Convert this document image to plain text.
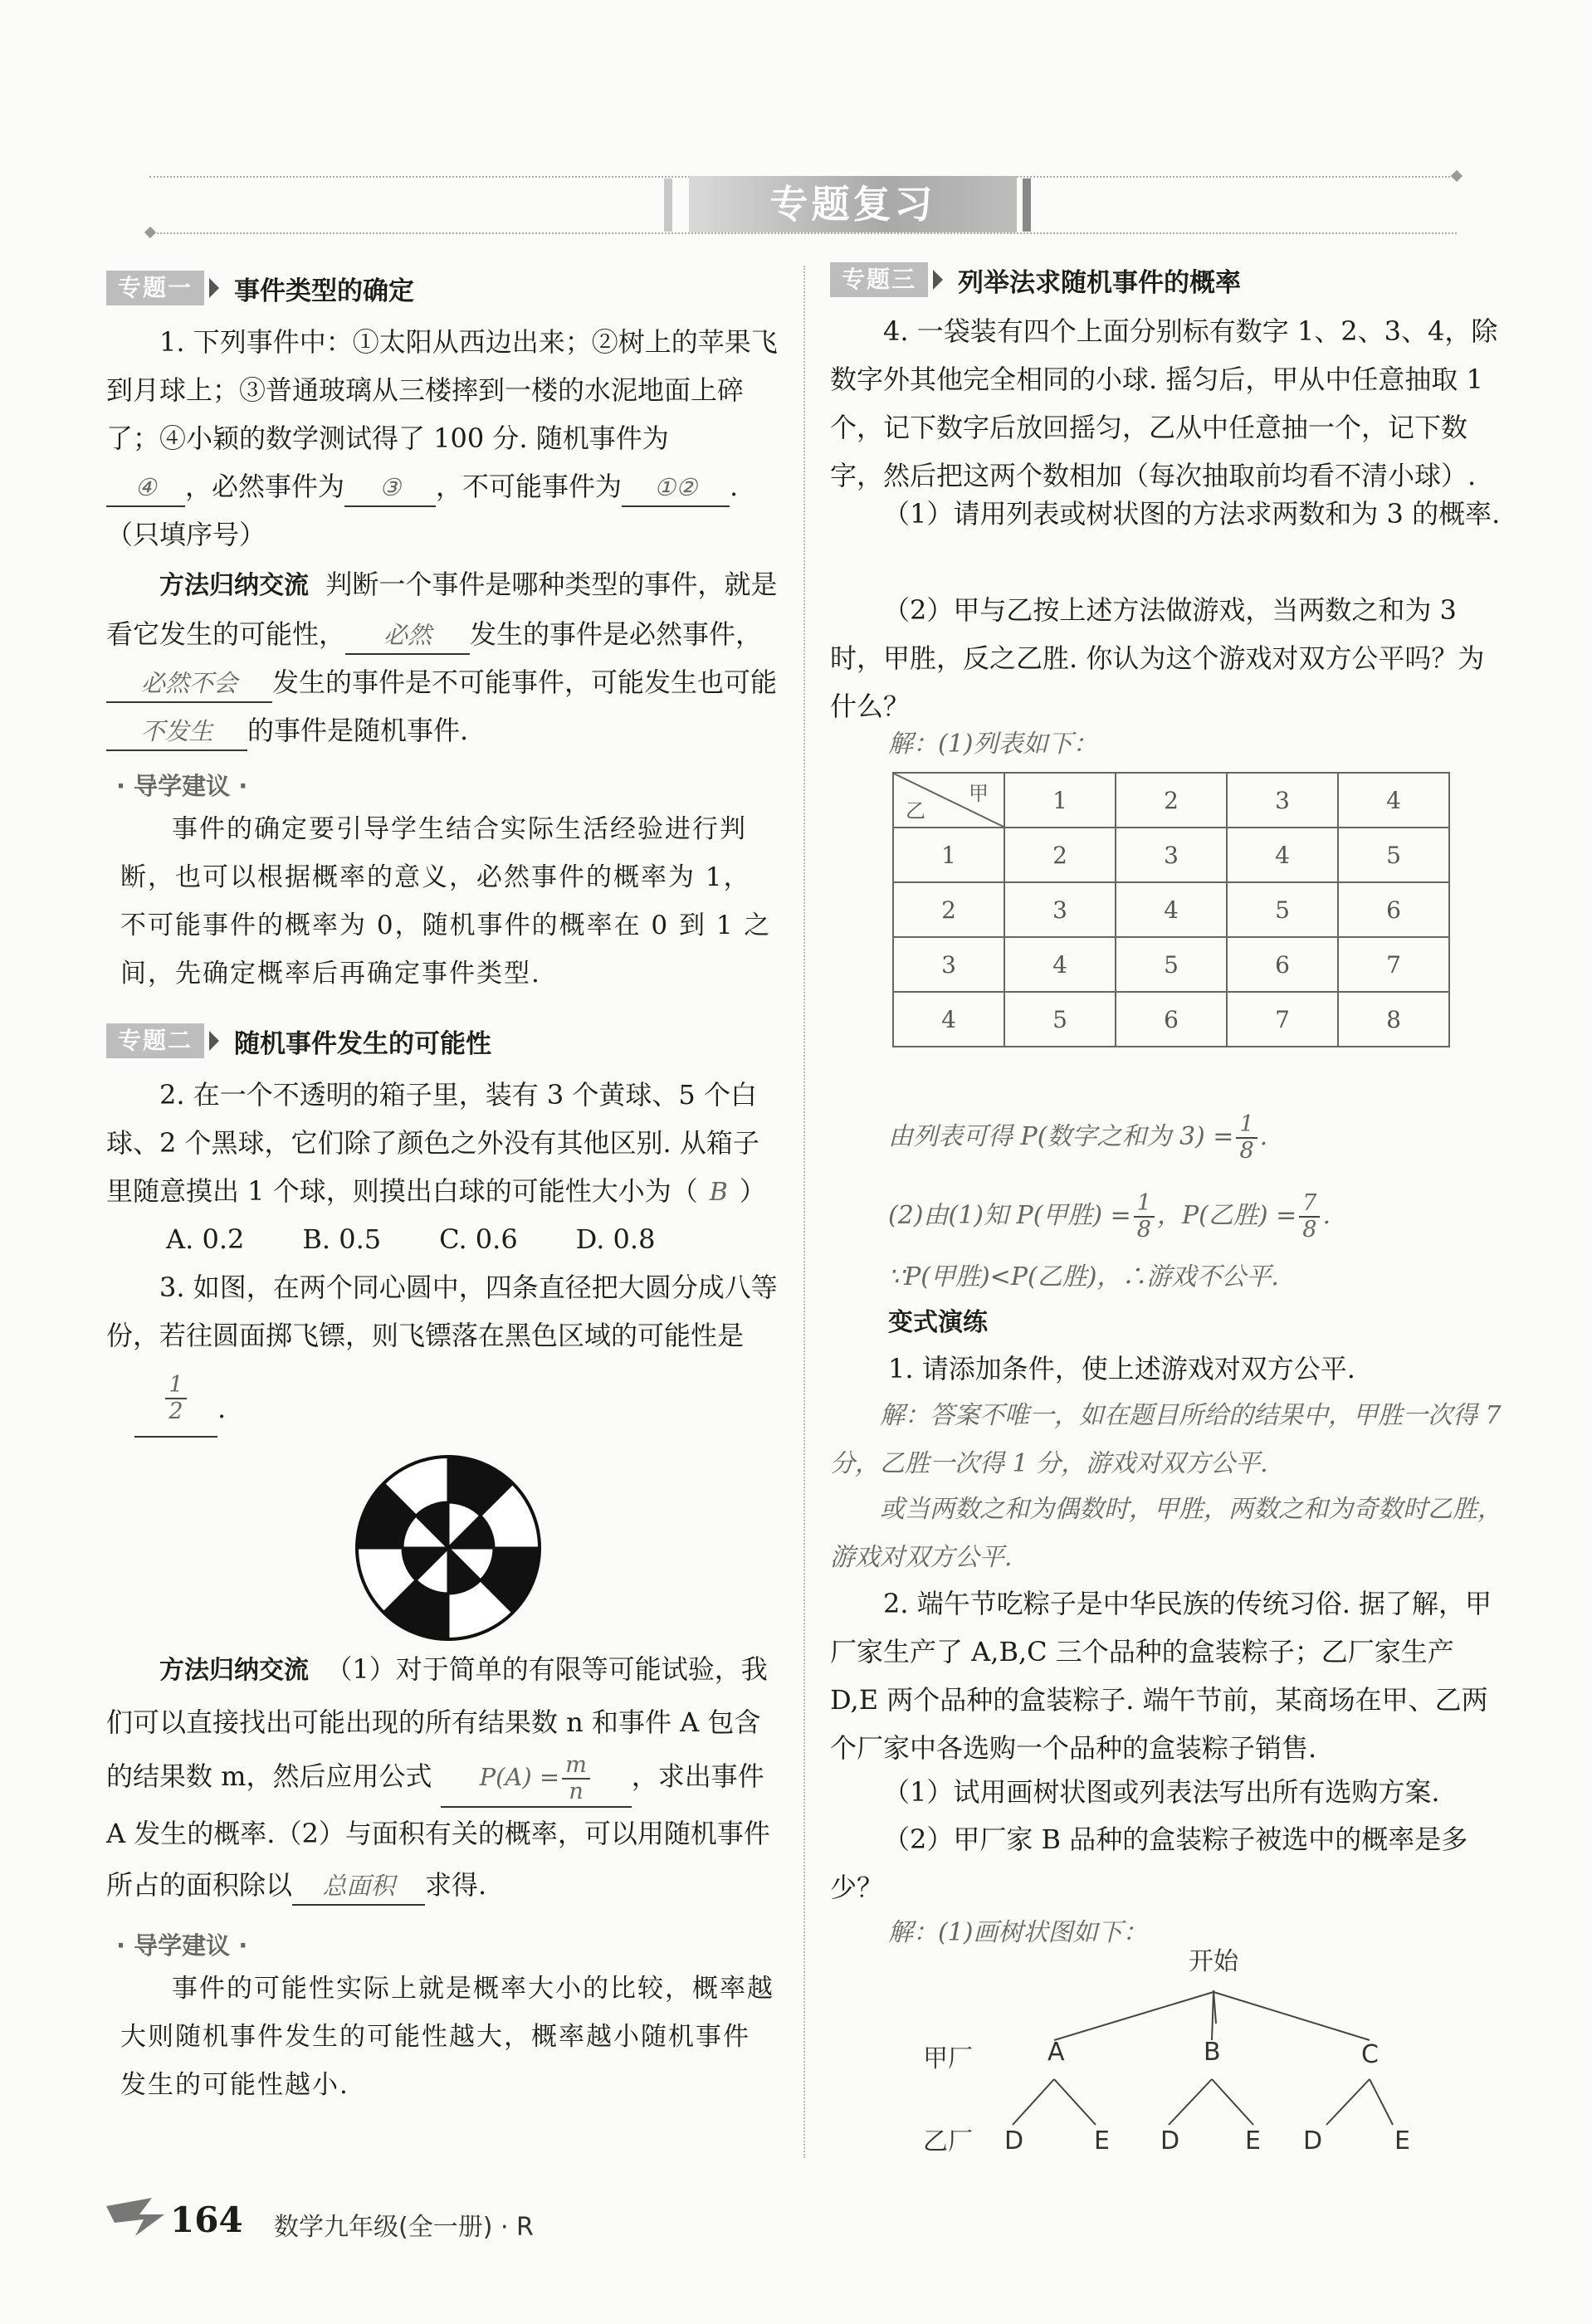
专题复习
专题一	事件类型的确定
1. 下列事件中：①太阳从西边出来；②树上的苹果飞到月球上；③普通玻璃从三楼摔到一楼的水泥地面上碎了；④小颖的数学测试得了 100 分. 随机事件为
④ ，必然事件为 ③ ，不可能事件为 ①② .（只填序号）
方法归纳交流 判断一个事件是哪种类型的事件，就是看它发生的可能性， 必然 发生的事件是必然事件，必然不会 发生的事件是不可能事件，可能发生也可能不发生 的事件是随机事件.
· 导学建议 ·
事件的确定要引导学生结合实际生活经验进行判断，也可以根据概率的意义，必然事件的概率为 1，不可能事件的概率为 0，随机事件的概率在 0 到 1 之间，先确定概率后再确定事件类型.
专题二	随机事件发生的可能性
2. 在一个不透明的箱子里，装有 3 个黄球、5 个白球、2 个黑球，它们除了颜色之外没有其他区别. 从箱子里随意摸出 1 个球，则摸出白球的可能性大小为（ B ）
A. 0.2 B. 0.5 C. 0.6 D. 0.8
3. 如图，在两个同心圆中，四条直径把大圆分成八等份，若往圆面掷飞镖，则飞镖落在黑色区域的可能性是
$\frac{1}{2}$ .
方法归纳交流 （1）对于简单的有限等可能试验，我们可以直接找出可能出现的所有结果数 n 和事件 A 包含的结果数 m，然后应用公式 $P(A) = \frac{m}{n}$ ，求出事件 A 发生的概率.（2）与面积有关的概率，可以用随机事件所占的面积除以 总面积 求得.
· 导学建议 ·
事件的可能性实际上就是概率大小的比较，概率越大则随机事件发生的可能性越大，概率越小随机事件发生的可能性越小.
专题三	列举法求随机事件的概率
4. 一袋装有四个上面分别标有数字 1、2、3、4，除数字外其他完全相同的小球. 摇匀后，甲从中任意抽取 1 个，记下数字后放回摇匀，乙从中任意抽一个，记下数字，然后把这两个数相加（每次抽取前均看不清小球）.
（1）请用列表或树状图的方法求两数和为 3 的概率.
（2）甲与乙按上述方法做游戏，当两数之和为 3 时，甲胜，反之乙胜. 你认为这个游戏对双方公平吗？为什么？
解：(1)列表如下：
甲
乙	1	2	3	4
1	2	3	4	5
2	3	4	5	6
3	4	5	6	7
4	5	6	7	8
由列表可得 P(数字之和为 $3) = \frac{1}{8}$ .
(2)由(1)知 P(甲胜) = $\frac{1}{8}$ ，P(乙胜) = $\frac{7}{8}$ .
∵P(甲胜)<P(乙胜)，∴游戏不公平.
变式演练
1. 请添加条件，使上述游戏对双方公平.
解：答案不唯一，如在题目所给的结果中，甲胜一次得 7 分，乙胜一次得 1 分，游戏对双方公平.
或当两数之和为偶数时，甲胜，两数之和为奇数时乙胜，游戏对双方公平.
2. 端午节吃粽子是中华民族的传统习俗. 据了解，甲厂家生产了 A,B,C 三个品种的盒装粽子；乙厂家生产 D,E 两个品种的盒装粽子. 端午节前，某商场在甲、乙两个厂家中各选购一个品种的盒装粽子销售.
（1）试用画树状图或列表法写出所有选购方案.
（2）甲厂家 B 品种的盒装粽子被选中的概率是多少？
解：(1)画树状图如下：
开始
甲厂
乙厂
A	B	C
D	E D	E D	E
164 数学九年级(全一册) · R
